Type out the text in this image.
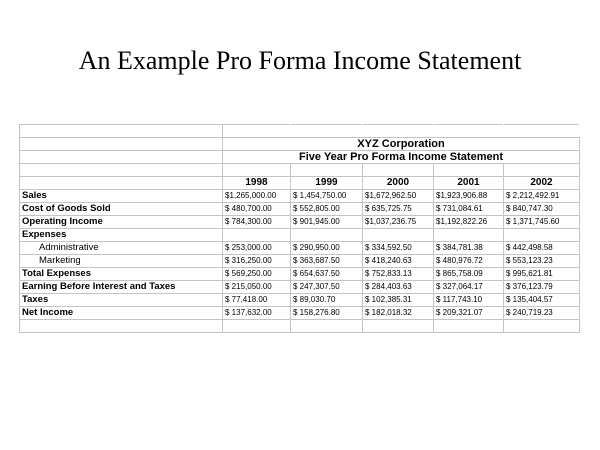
An Example Pro Forma Income Statement

	XYZ Corporation				
	Five Year Pro Forma Income Statement				

	1998	1999	2000	2001	2002
Sales	$1,265,000.00	$ 1,454,750.00	$1,672,962.50	$1,923,906.88	$ 2,212,492.91
Cost of Goods Sold	$ 480,700.00	$ 552,805.00	$ 635,725.75	$ 731,084.61	$ 840,747.30
Operating Income	$ 784,300.00	$ 901,945.00	$1,037,236.75	$1,192,822.26	$ 1,371,745.60
Expenses					
Administrative	$ 253,000.00	$ 290,950.00	$ 334,592.50	$ 384,781.38	$ 442,498.58
Marketing	$ 316,250.00	$ 363,687.50	$ 418,240.63	$ 480,976.72	$ 553,123.23
Total Expenses	$ 569,250.00	$ 654,637.50	$ 752,833.13	$ 865,758.09	$ 995,621.81
Earning Before Interest and Taxes	$ 215,050.00	$ 247,307.50	$ 284,403.63	$ 327,064.17	$ 376,123.79
Taxes	$ 77,418.00	$ 89,030.70	$ 102,385.31	$ 117,743.10	$ 135,404.57
Net Income	$ 137,632.00	$ 158,276.80	$ 182,018.32	$ 209,321.07	$ 240,719.23
